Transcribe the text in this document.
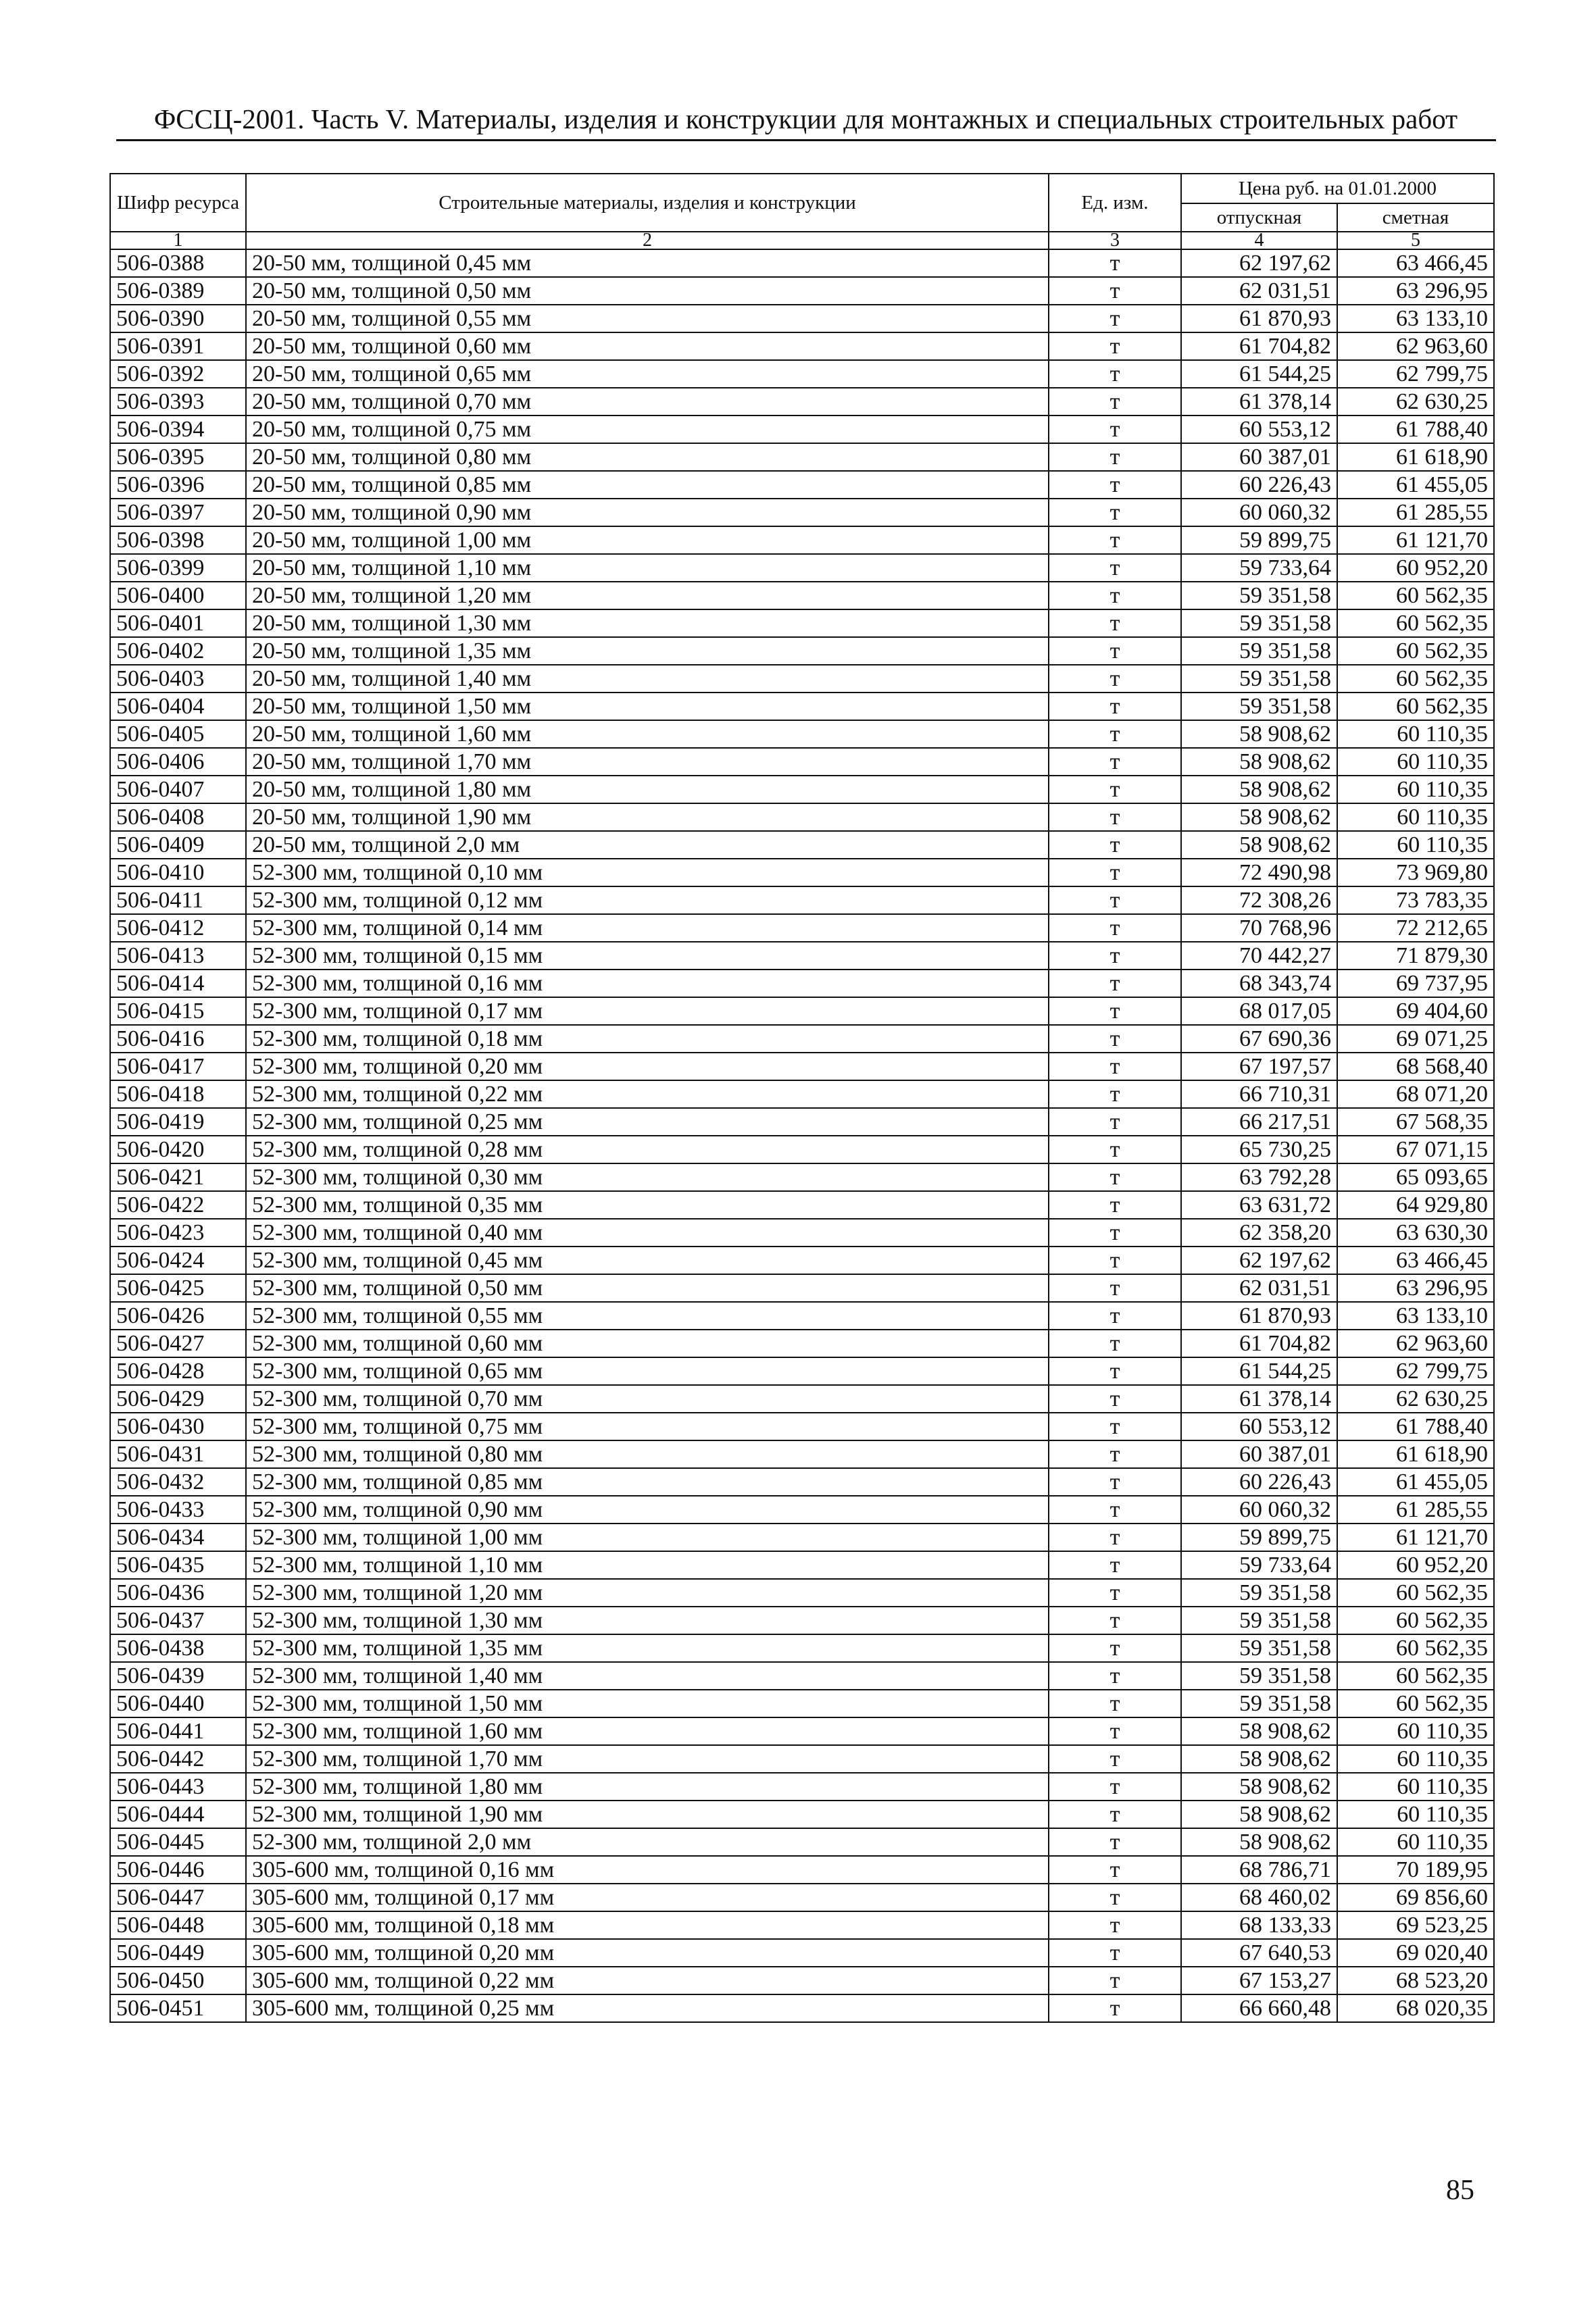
ФССЦ-2001. Часть V. Материалы, изделия и конструкции для монтажных и специальных строительных работ
Шифр ресурса	Строительные материалы, изделия и конструкции	Ед. изм.	Цена руб. на 01.01.2000	
			отпускная	сметная
1	2	3	4	5
506-0388	20-50 мм, толщиной 0,45 мм	т	62 197,62	63 466,45
506-0389	20-50 мм, толщиной 0,50 мм	т	62 031,51	63 296,95
506-0390	20-50 мм, толщиной 0,55 мм	т	61 870,93	63 133,10
506-0391	20-50 мм, толщиной 0,60 мм	т	61 704,82	62 963,60
506-0392	20-50 мм, толщиной 0,65 мм	т	61 544,25	62 799,75
506-0393	20-50 мм, толщиной 0,70 мм	т	61 378,14	62 630,25
506-0394	20-50 мм, толщиной 0,75 мм	т	60 553,12	61 788,40
506-0395	20-50 мм, толщиной 0,80 мм	т	60 387,01	61 618,90
506-0396	20-50 мм, толщиной 0,85 мм	т	60 226,43	61 455,05
506-0397	20-50 мм, толщиной 0,90 мм	т	60 060,32	61 285,55
506-0398	20-50 мм, толщиной 1,00 мм	т	59 899,75	61 121,70
506-0399	20-50 мм, толщиной 1,10 мм	т	59 733,64	60 952,20
506-0400	20-50 мм, толщиной 1,20 мм	т	59 351,58	60 562,35
506-0401	20-50 мм, толщиной 1,30 мм	т	59 351,58	60 562,35
506-0402	20-50 мм, толщиной 1,35 мм	т	59 351,58	60 562,35
506-0403	20-50 мм, толщиной 1,40 мм	т	59 351,58	60 562,35
506-0404	20-50 мм, толщиной 1,50 мм	т	59 351,58	60 562,35
506-0405	20-50 мм, толщиной 1,60 мм	т	58 908,62	60 110,35
506-0406	20-50 мм, толщиной 1,70 мм	т	58 908,62	60 110,35
506-0407	20-50 мм, толщиной 1,80 мм	т	58 908,62	60 110,35
506-0408	20-50 мм, толщиной 1,90 мм	т	58 908,62	60 110,35
506-0409	20-50 мм, толщиной 2,0 мм	т	58 908,62	60 110,35
506-0410	52-300 мм, толщиной 0,10 мм	т	72 490,98	73 969,80
506-0411	52-300 мм, толщиной 0,12 мм	т	72 308,26	73 783,35
506-0412	52-300 мм, толщиной 0,14 мм	т	70 768,96	72 212,65
506-0413	52-300 мм, толщиной 0,15 мм	т	70 442,27	71 879,30
506-0414	52-300 мм, толщиной 0,16 мм	т	68 343,74	69 737,95
506-0415	52-300 мм, толщиной 0,17 мм	т	68 017,05	69 404,60
506-0416	52-300 мм, толщиной 0,18 мм	т	67 690,36	69 071,25
506-0417	52-300 мм, толщиной 0,20 мм	т	67 197,57	68 568,40
506-0418	52-300 мм, толщиной 0,22 мм	т	66 710,31	68 071,20
506-0419	52-300 мм, толщиной 0,25 мм	т	66 217,51	67 568,35
506-0420	52-300 мм, толщиной 0,28 мм	т	65 730,25	67 071,15
506-0421	52-300 мм, толщиной 0,30 мм	т	63 792,28	65 093,65
506-0422	52-300 мм, толщиной 0,35 мм	т	63 631,72	64 929,80
506-0423	52-300 мм, толщиной 0,40 мм	т	62 358,20	63 630,30
506-0424	52-300 мм, толщиной 0,45 мм	т	62 197,62	63 466,45
506-0425	52-300 мм, толщиной 0,50 мм	т	62 031,51	63 296,95
506-0426	52-300 мм, толщиной 0,55 мм	т	61 870,93	63 133,10
506-0427	52-300 мм, толщиной 0,60 мм	т	61 704,82	62 963,60
506-0428	52-300 мм, толщиной 0,65 мм	т	61 544,25	62 799,75
506-0429	52-300 мм, толщиной 0,70 мм	т	61 378,14	62 630,25
506-0430	52-300 мм, толщиной 0,75 мм	т	60 553,12	61 788,40
506-0431	52-300 мм, толщиной 0,80 мм	т	60 387,01	61 618,90
506-0432	52-300 мм, толщиной 0,85 мм	т	60 226,43	61 455,05
506-0433	52-300 мм, толщиной 0,90 мм	т	60 060,32	61 285,55
506-0434	52-300 мм, толщиной 1,00 мм	т	59 899,75	61 121,70
506-0435	52-300 мм, толщиной 1,10 мм	т	59 733,64	60 952,20
506-0436	52-300 мм, толщиной 1,20 мм	т	59 351,58	60 562,35
506-0437	52-300 мм, толщиной 1,30 мм	т	59 351,58	60 562,35
506-0438	52-300 мм, толщиной 1,35 мм	т	59 351,58	60 562,35
506-0439	52-300 мм, толщиной 1,40 мм	т	59 351,58	60 562,35
506-0440	52-300 мм, толщиной 1,50 мм	т	59 351,58	60 562,35
506-0441	52-300 мм, толщиной 1,60 мм	т	58 908,62	60 110,35
506-0442	52-300 мм, толщиной 1,70 мм	т	58 908,62	60 110,35
506-0443	52-300 мм, толщиной 1,80 мм	т	58 908,62	60 110,35
506-0444	52-300 мм, толщиной 1,90 мм	т	58 908,62	60 110,35
506-0445	52-300 мм, толщиной 2,0 мм	т	58 908,62	60 110,35
506-0446	305-600 мм, толщиной 0,16 мм	т	68 786,71	70 189,95
506-0447	305-600 мм, толщиной 0,17 мм	т	68 460,02	69 856,60
506-0448	305-600 мм, толщиной 0,18 мм	т	68 133,33	69 523,25
506-0449	305-600 мм, толщиной 0,20 мм	т	67 640,53	69 020,40
506-0450	305-600 мм, толщиной 0,22 мм	т	67 153,27	68 523,20
506-0451	305-600 мм, толщиной 0,25 мм	т	66 660,48	68 020,35
85
